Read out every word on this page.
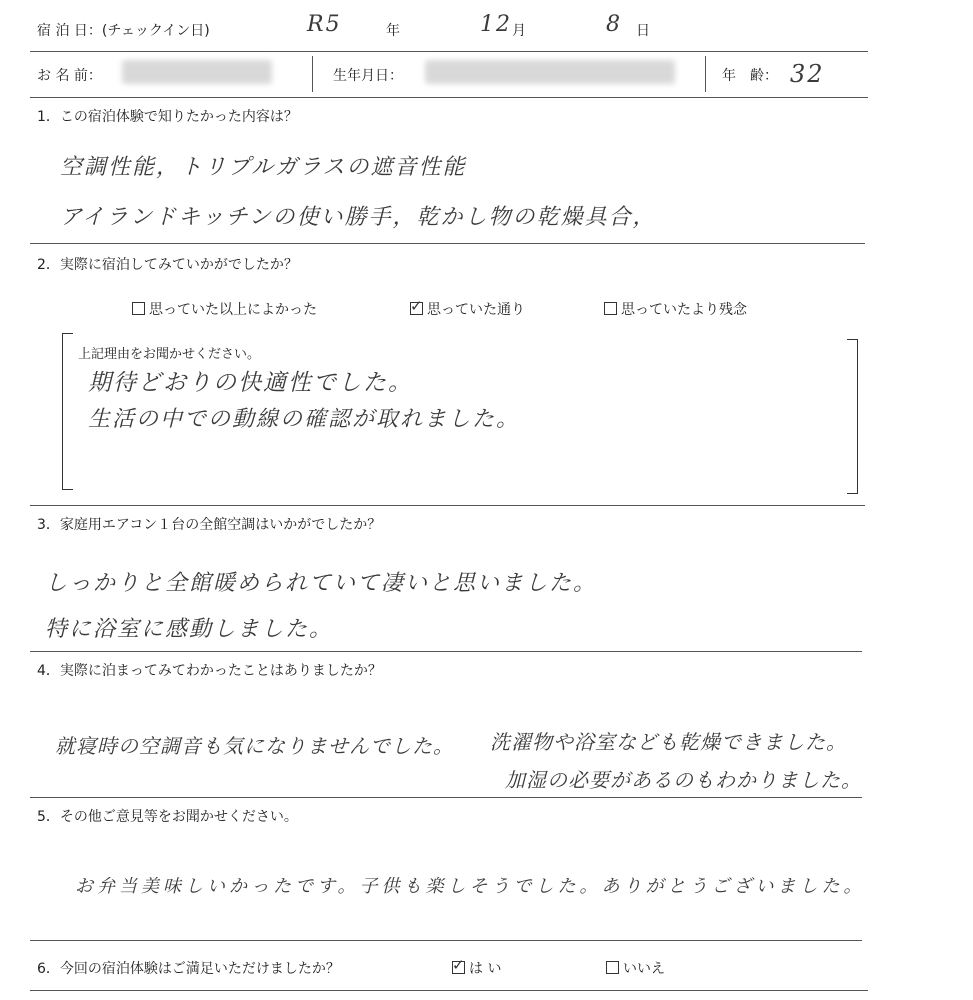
宿 泊 日：(チェックイン日)	R5	年	12 月	8 日
お 名 前：	生年月日：	年　齢： 32
1．この宿泊体験で知りたかった内容は？
空調性能，トリプルガラスの遮音性能
アイランドキッチンの使い勝手，乾かし物の乾燥具合，
2．実際に宿泊してみていかがでしたか？
思っていた以上によかった	✓ 思っていた通り	思っていたより残念
上記理由をお聞かせください。
期待どおりの快適性でした。
生活の中での動線の確認が取れました。
3．家庭用エアコン１台の全館空調はいかがでしたか？
しっかりと全館暖められていて凄いと思いました。
特に浴室に感動しました。
4．実際に泊まってみてわかったことはありましたか？
就寝時の空調音も気になりませんでした。 洗濯物や浴室なども乾燥できました。
加湿の必要があるのもわかりました。
5．その他ご意見等をお聞かせください。
お弁当美味しいかったです。子供も楽しそうでした。ありがとうございました。
6．今回の宿泊体験はご満足いただけましたか？	✓ は い	いいえ
